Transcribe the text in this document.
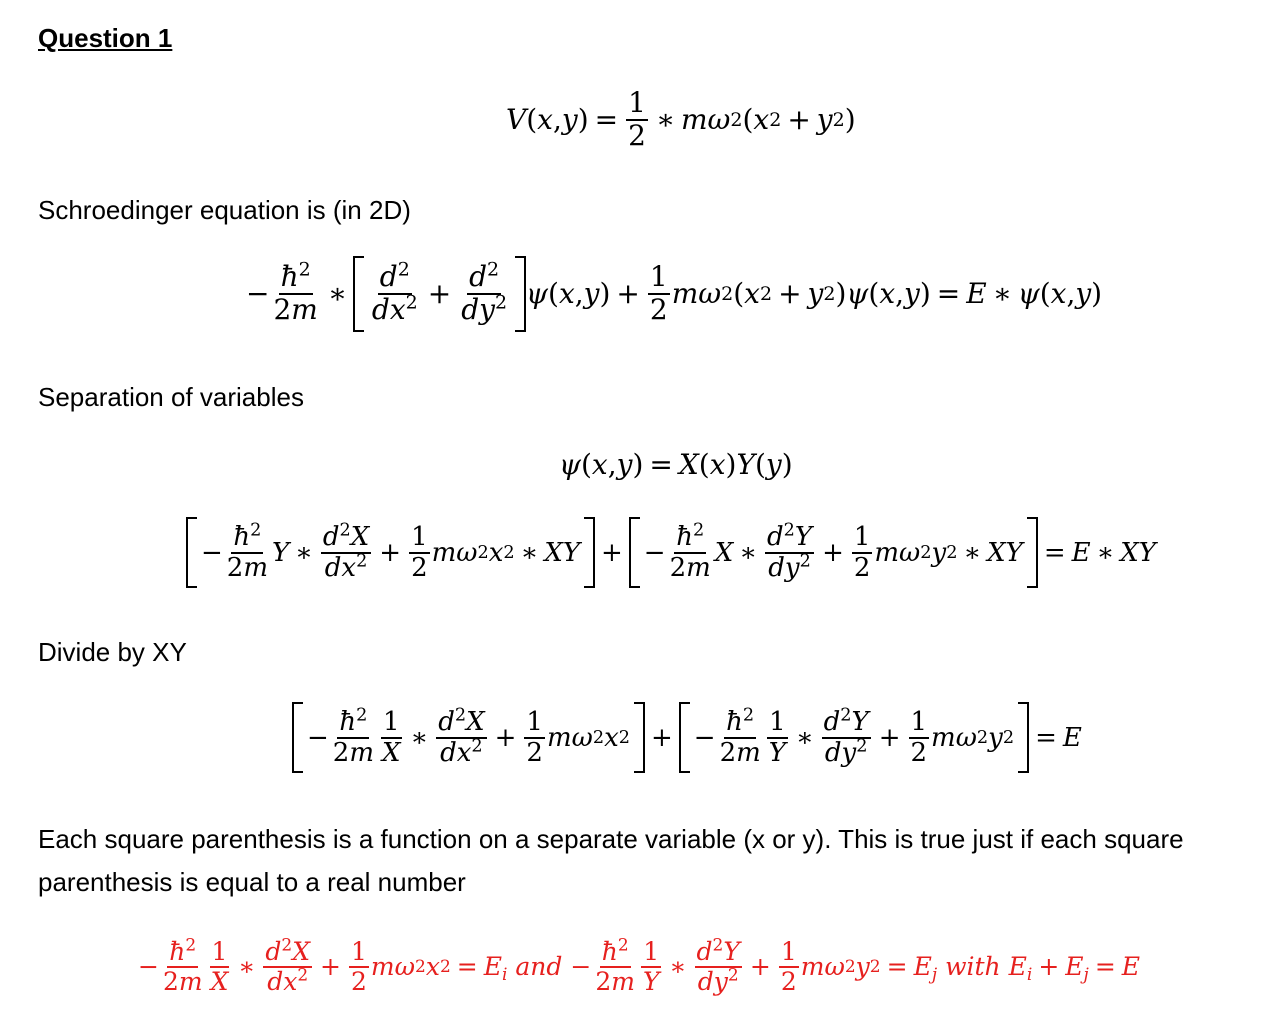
Question 1
V ( x , y ) = $\frac{1}{2}$ ∗ mω 2 ( x 2 + y 2 )
Schroedinger equation is (in 2D)
− $\frac{ħ^2}{2m}$ ∗ $\frac{d^2}{dx^2} + \frac{d^2}{dy^2}$ ψ ( x , y ) + $\frac{1}{2}$ mω 2 ( x 2 + y 2 ) ψ ( x , y ) = E ∗ ψ ( x , y )
Separation of variables
ψ ( x , y ) = X ( x ) Y ( y )
− $\frac{ħ^2}{2m}$ Y ∗ $\frac{d^2X}{dx^2} + \frac{1}{2}$ mω 2 x 2 ∗ XY + − $\frac{ħ^2}{2m}$ X ∗ $\frac{d^2Y}{dy^2} + \frac{1}{2}$ mω 2 y 2 ∗ XY = E ∗ XY
Divide by XY
− $\frac{ħ^2}{2m} \frac{1}{X}$ ∗ $\frac{d^2X}{dx^2} + \frac{1}{2}$ mω 2 x 2 + − $\frac{ħ^2}{2m} \frac{1}{Y}$ ∗ $\frac{d^2Y}{dy^2} + \frac{1}{2}$ mω 2 y 2 = E
Each square parenthesis is a function on a separate variable (x or y). This is true just if each square
parenthesis is equal to a real number
− $\frac{ħ^2}{2m} \frac{1}{X}$ ∗ $\frac{d^2X}{dx^2} + \frac{1}{2}$ mω 2 x $2 = E_i$ and − $\frac{ħ^2}{2m} \frac{1}{Y}$ ∗ $\frac{d^2Y}{dy^2} + \frac{1}{2}$ mω 2 y $2 = E_j$ with $E_i + E_j = E$
